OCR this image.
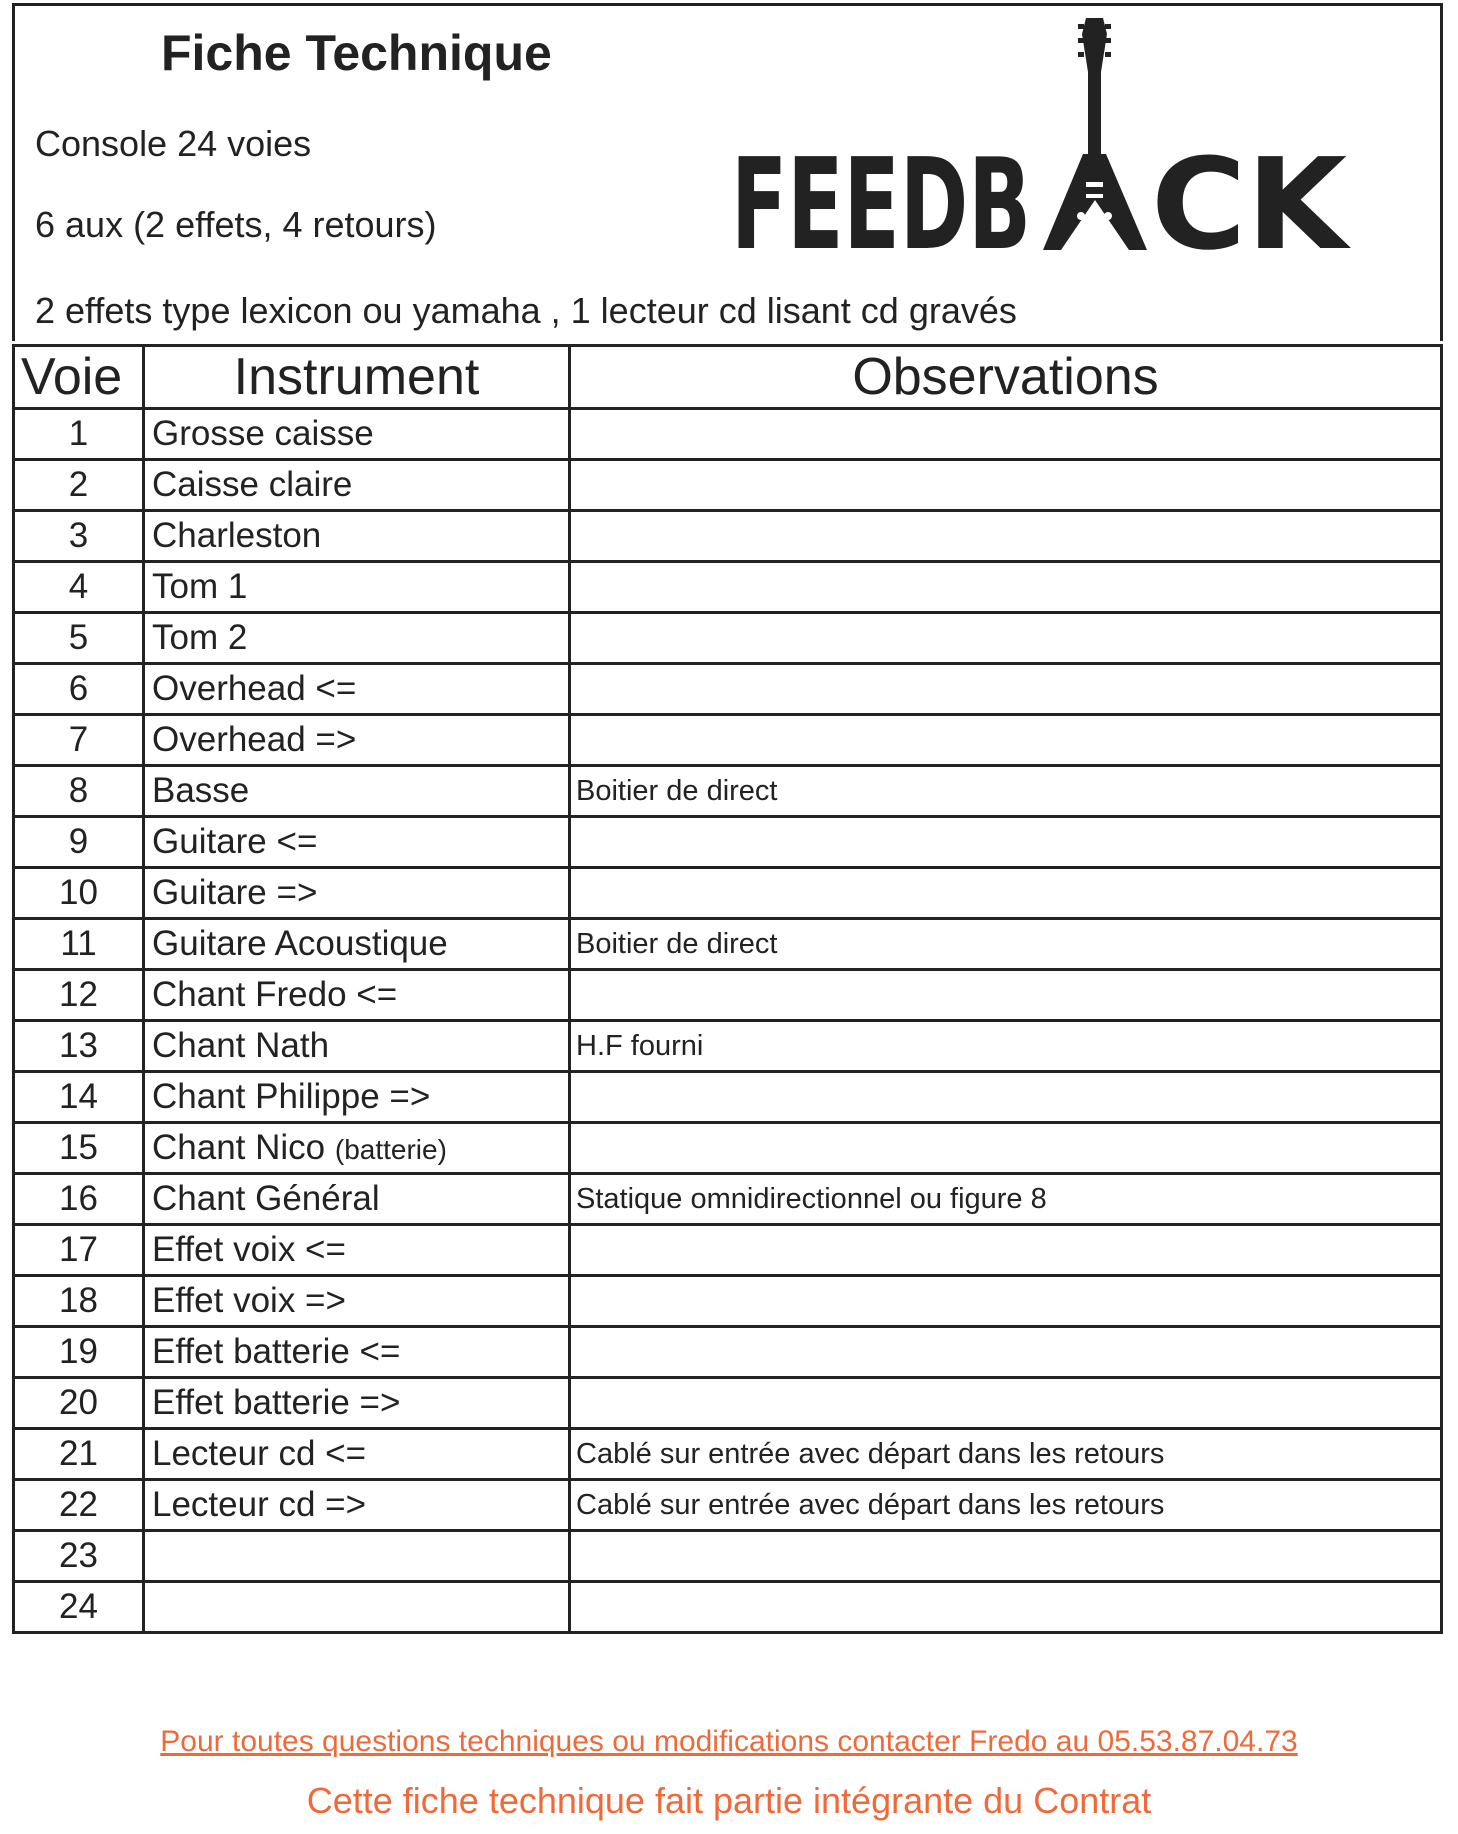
Fiche Technique
Console 24 voies
6 aux (2 effets, 4 retours)
2 effets type lexicon ou yamaha , 1 lecteur cd lisant cd gravés
FEEDB CK
Voie	Instrument	Observations
1	Grosse caisse	
2	Caisse claire	
3	Charleston	
4	Tom 1	
5	Tom 2	
6	Overhead <=	
7	Overhead =>	
8	Basse	Boitier de direct
9	Guitare <=	
10	Guitare =>	
11	Guitare Acoustique	Boitier de direct
12	Chant Fredo <=	
13	Chant Nath	H.F fourni
14	Chant Philippe =>	
15	Chant Nico (batterie)	
16	Chant Général	Statique omnidirectionnel ou figure 8
17	Effet voix <=	
18	Effet voix =>	
19	Effet batterie <=	
20	Effet batterie =>	
21	Lecteur cd <=	Cablé sur entrée avec départ dans les retours
22	Lecteur cd =>	Cablé sur entrée avec départ dans les retours
23		
24		
Pour toutes questions techniques ou modifications contacter Fredo au 05.53.87.04.73
Cette fiche technique fait partie intégrante du Contrat
